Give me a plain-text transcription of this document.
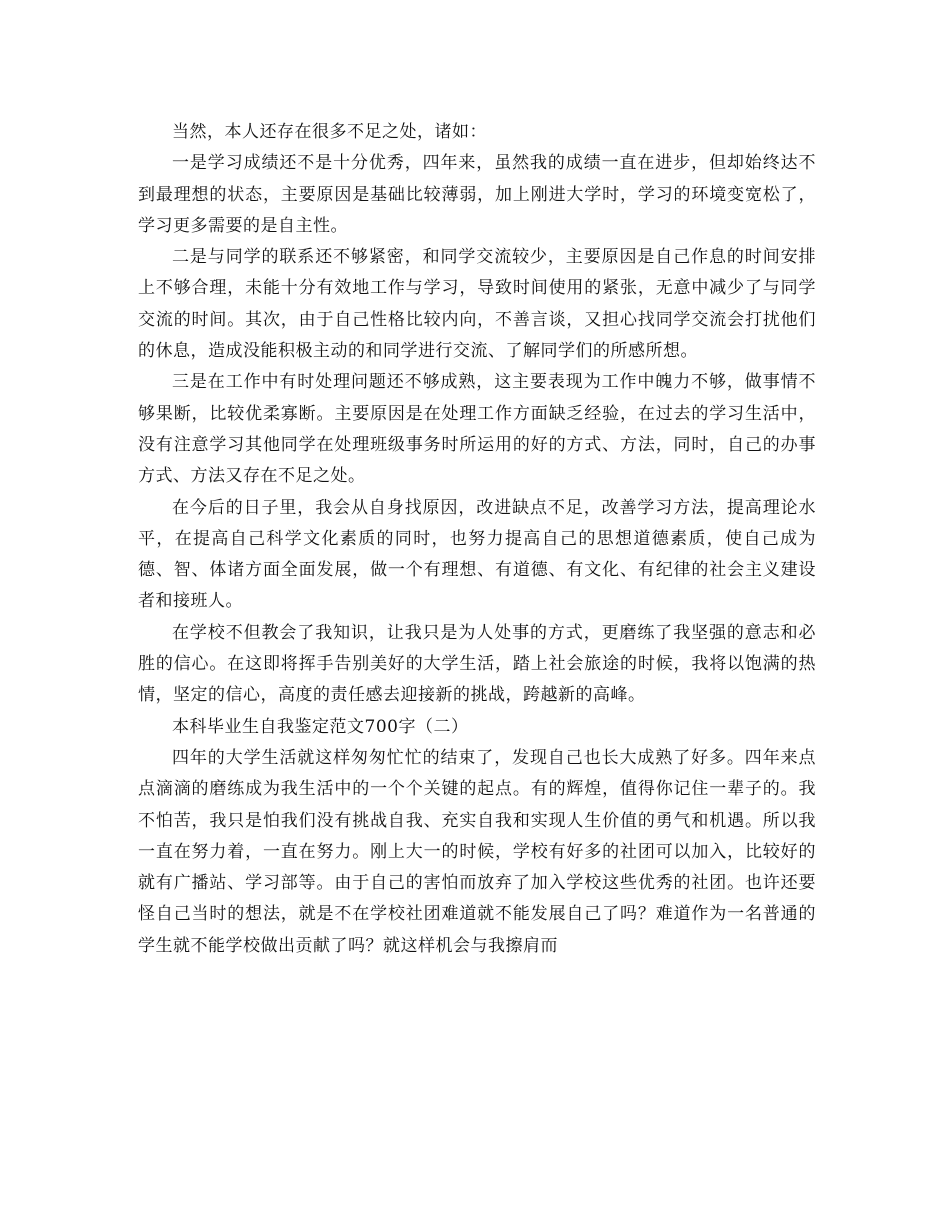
当然，本人还存在很多不足之处，诸如：

一是学习成绩还不是十分优秀，四年来，虽然我的成绩一直在进步，但却始终达不到最理想的状态，主要原因是基础比较薄弱，加上刚进大学时，学习的环境变宽松了，学习更多需要的是自主性。

二是与同学的联系还不够紧密，和同学交流较少，主要原因是自己作息的时间安排上不够合理，未能十分有效地工作与学习，导致时间使用的紧张，无意中减少了与同学交流的时间。其次，由于自己性格比较内向，不善言谈，又担心找同学交流会打扰他们的休息，造成没能积极主动的和同学进行交流、了解同学们的所感所想。

三是在工作中有时处理问题还不够成熟，这主要表现为工作中魄力不够，做事情不够果断，比较优柔寡断。主要原因是在处理工作方面缺乏经验，在过去的学习生活中，没有注意学习其他同学在处理班级事务时所运用的好的方式、方法，同时，自己的办事方式、方法又存在不足之处。

在今后的日子里，我会从自身找原因，改进缺点不足，改善学习方法，提高理论水平，在提高自己科学文化素质的同时，也努力提高自己的思想道德素质，使自己成为德、智、体诸方面全面发展，做一个有理想、有道德、有文化、有纪律的社会主义建设者和接班人。

在学校不但教会了我知识，让我只是为人处事的方式，更磨练了我坚强的意志和必胜的信心。在这即将挥手告别美好的大学生活，踏上社会旅途的时候，我将以饱满的热情，坚定的信心，高度的责任感去迎接新的挑战，跨越新的高峰。

本科毕业生自我鉴定范文700字（二）

四年的大学生活就这样匆匆忙忙的结束了，发现自己也长大成熟了好多。四年来点点滴滴的磨练成为我生活中的一个个关键的起点。有的辉煌，值得你记住一辈子的。我不怕苦，我只是怕我们没有挑战自我、充实自我和实现人生价值的勇气和机遇。所以我一直在努力着，一直在努力。刚上大一的时候，学校有好多的社团可以加入，比较好的就有广播站、学习部等。由于自己的害怕而放弃了加入学校这些优秀的社团。也许还要怪自己当时的想法，就是不在学校社团难道就不能发展自己了吗？难道作为一名普通的学生就不能学校做出贡献了吗？就这样机会与我擦肩而
